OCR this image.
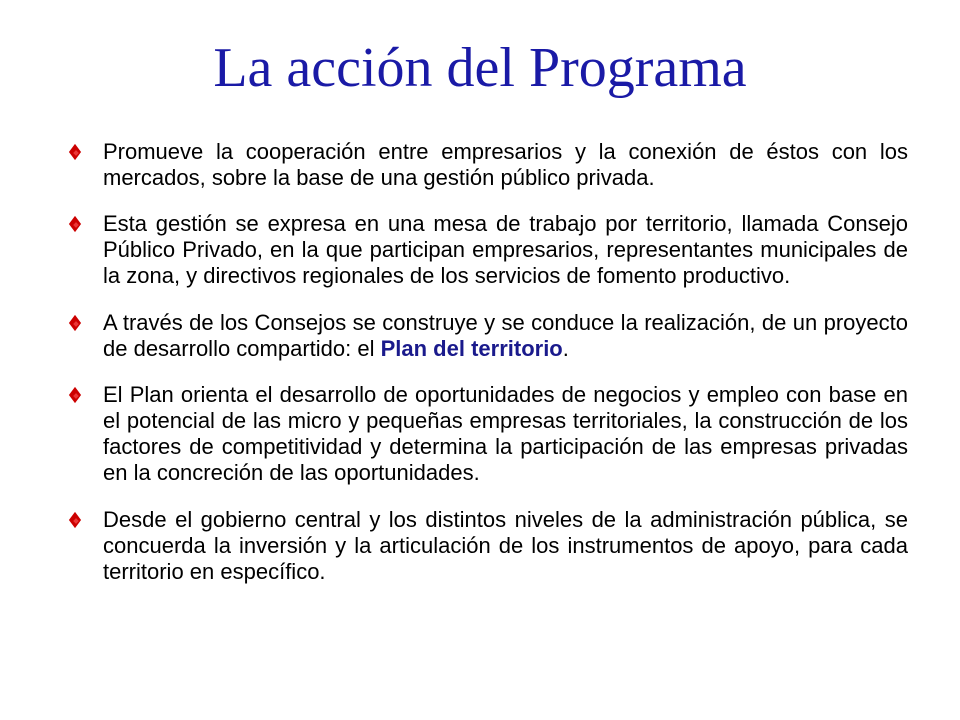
La acción del Programa
Promueve la cooperación entre empresarios y la conexión de éstos con los mercados, sobre la base de una gestión público privada.
Esta gestión se expresa en una mesa de trabajo por territorio, llamada Consejo Público Privado, en la que participan empresarios, representantes municipales de la zona, y directivos regionales de los servicios de fomento productivo.
A través de los Consejos se construye y se conduce la realización, de un proyecto de desarrollo compartido: el Plan del territorio.
El Plan orienta el desarrollo de oportunidades de negocios y empleo con base en el potencial de las micro y pequeñas empresas territoriales, la construcción de los factores de competitividad y determina la participación de las empresas privadas en la concreción de las oportunidades.
Desde el gobierno central y los distintos niveles de la administración pública, se concuerda la inversión y la articulación de los instrumentos de apoyo, para cada territorio en específico.
